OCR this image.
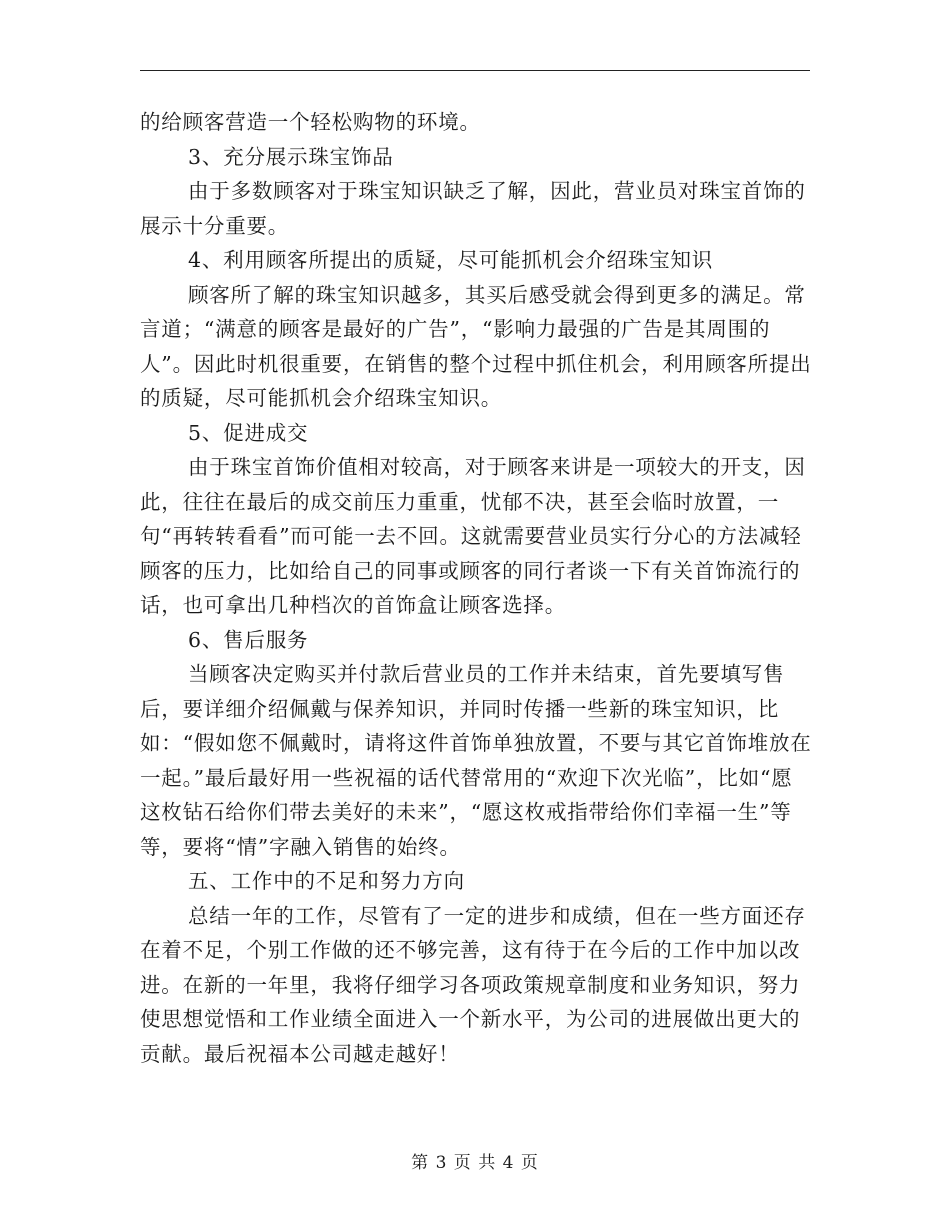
的给顾客营造一个轻松购物的环境。

3、充分展示珠宝饰品

由于多数顾客对于珠宝知识缺乏了解，因此，营业员对珠宝首饰的展示十分重要。

4、利用顾客所提出的质疑，尽可能抓机会介绍珠宝知识

顾客所了解的珠宝知识越多，其买后感受就会得到更多的满足。常言道；“满意的顾客是最好的广告”，“影响力最强的广告是其周围的人”。因此时机很重要，在销售的整个过程中抓住机会，利用顾客所提出的质疑，尽可能抓机会介绍珠宝知识。

5、促进成交

由于珠宝首饰价值相对较高，对于顾客来讲是一项较大的开支，因此，往往在最后的成交前压力重重，忧郁不决，甚至会临时放置，一句“再转转看看”而可能一去不回。这就需要营业员实行分心的方法减轻顾客的压力，比如给自己的同事或顾客的同行者谈一下有关首饰流行的话，也可拿出几种档次的首饰盒让顾客选择。

6、售后服务

当顾客决定购买并付款后营业员的工作并未结束，首先要填写售后，要详细介绍佩戴与保养知识，并同时传播一些新的珠宝知识，比如：“假如您不佩戴时，请将这件首饰单独放置，不要与其它首饰堆放在一起。”最后最好用一些祝福的话代替常用的“欢迎下次光临”，比如“愿这枚钻石给你们带去美好的未来”，“愿这枚戒指带给你们幸福一生”等等，要将“情”字融入销售的始终。

五、工作中的不足和努力方向

总结一年的工作，尽管有了一定的进步和成绩，但在一些方面还存在着不足，个别工作做的还不够完善，这有待于在今后的工作中加以改进。在新的一年里，我将仔细学习各项政策规章制度和业务知识，努力使思想觉悟和工作业绩全面进入一个新水平，为公司的进展做出更大的贡献。最后祝福本公司越走越好！

第 3 页 共 4 页
